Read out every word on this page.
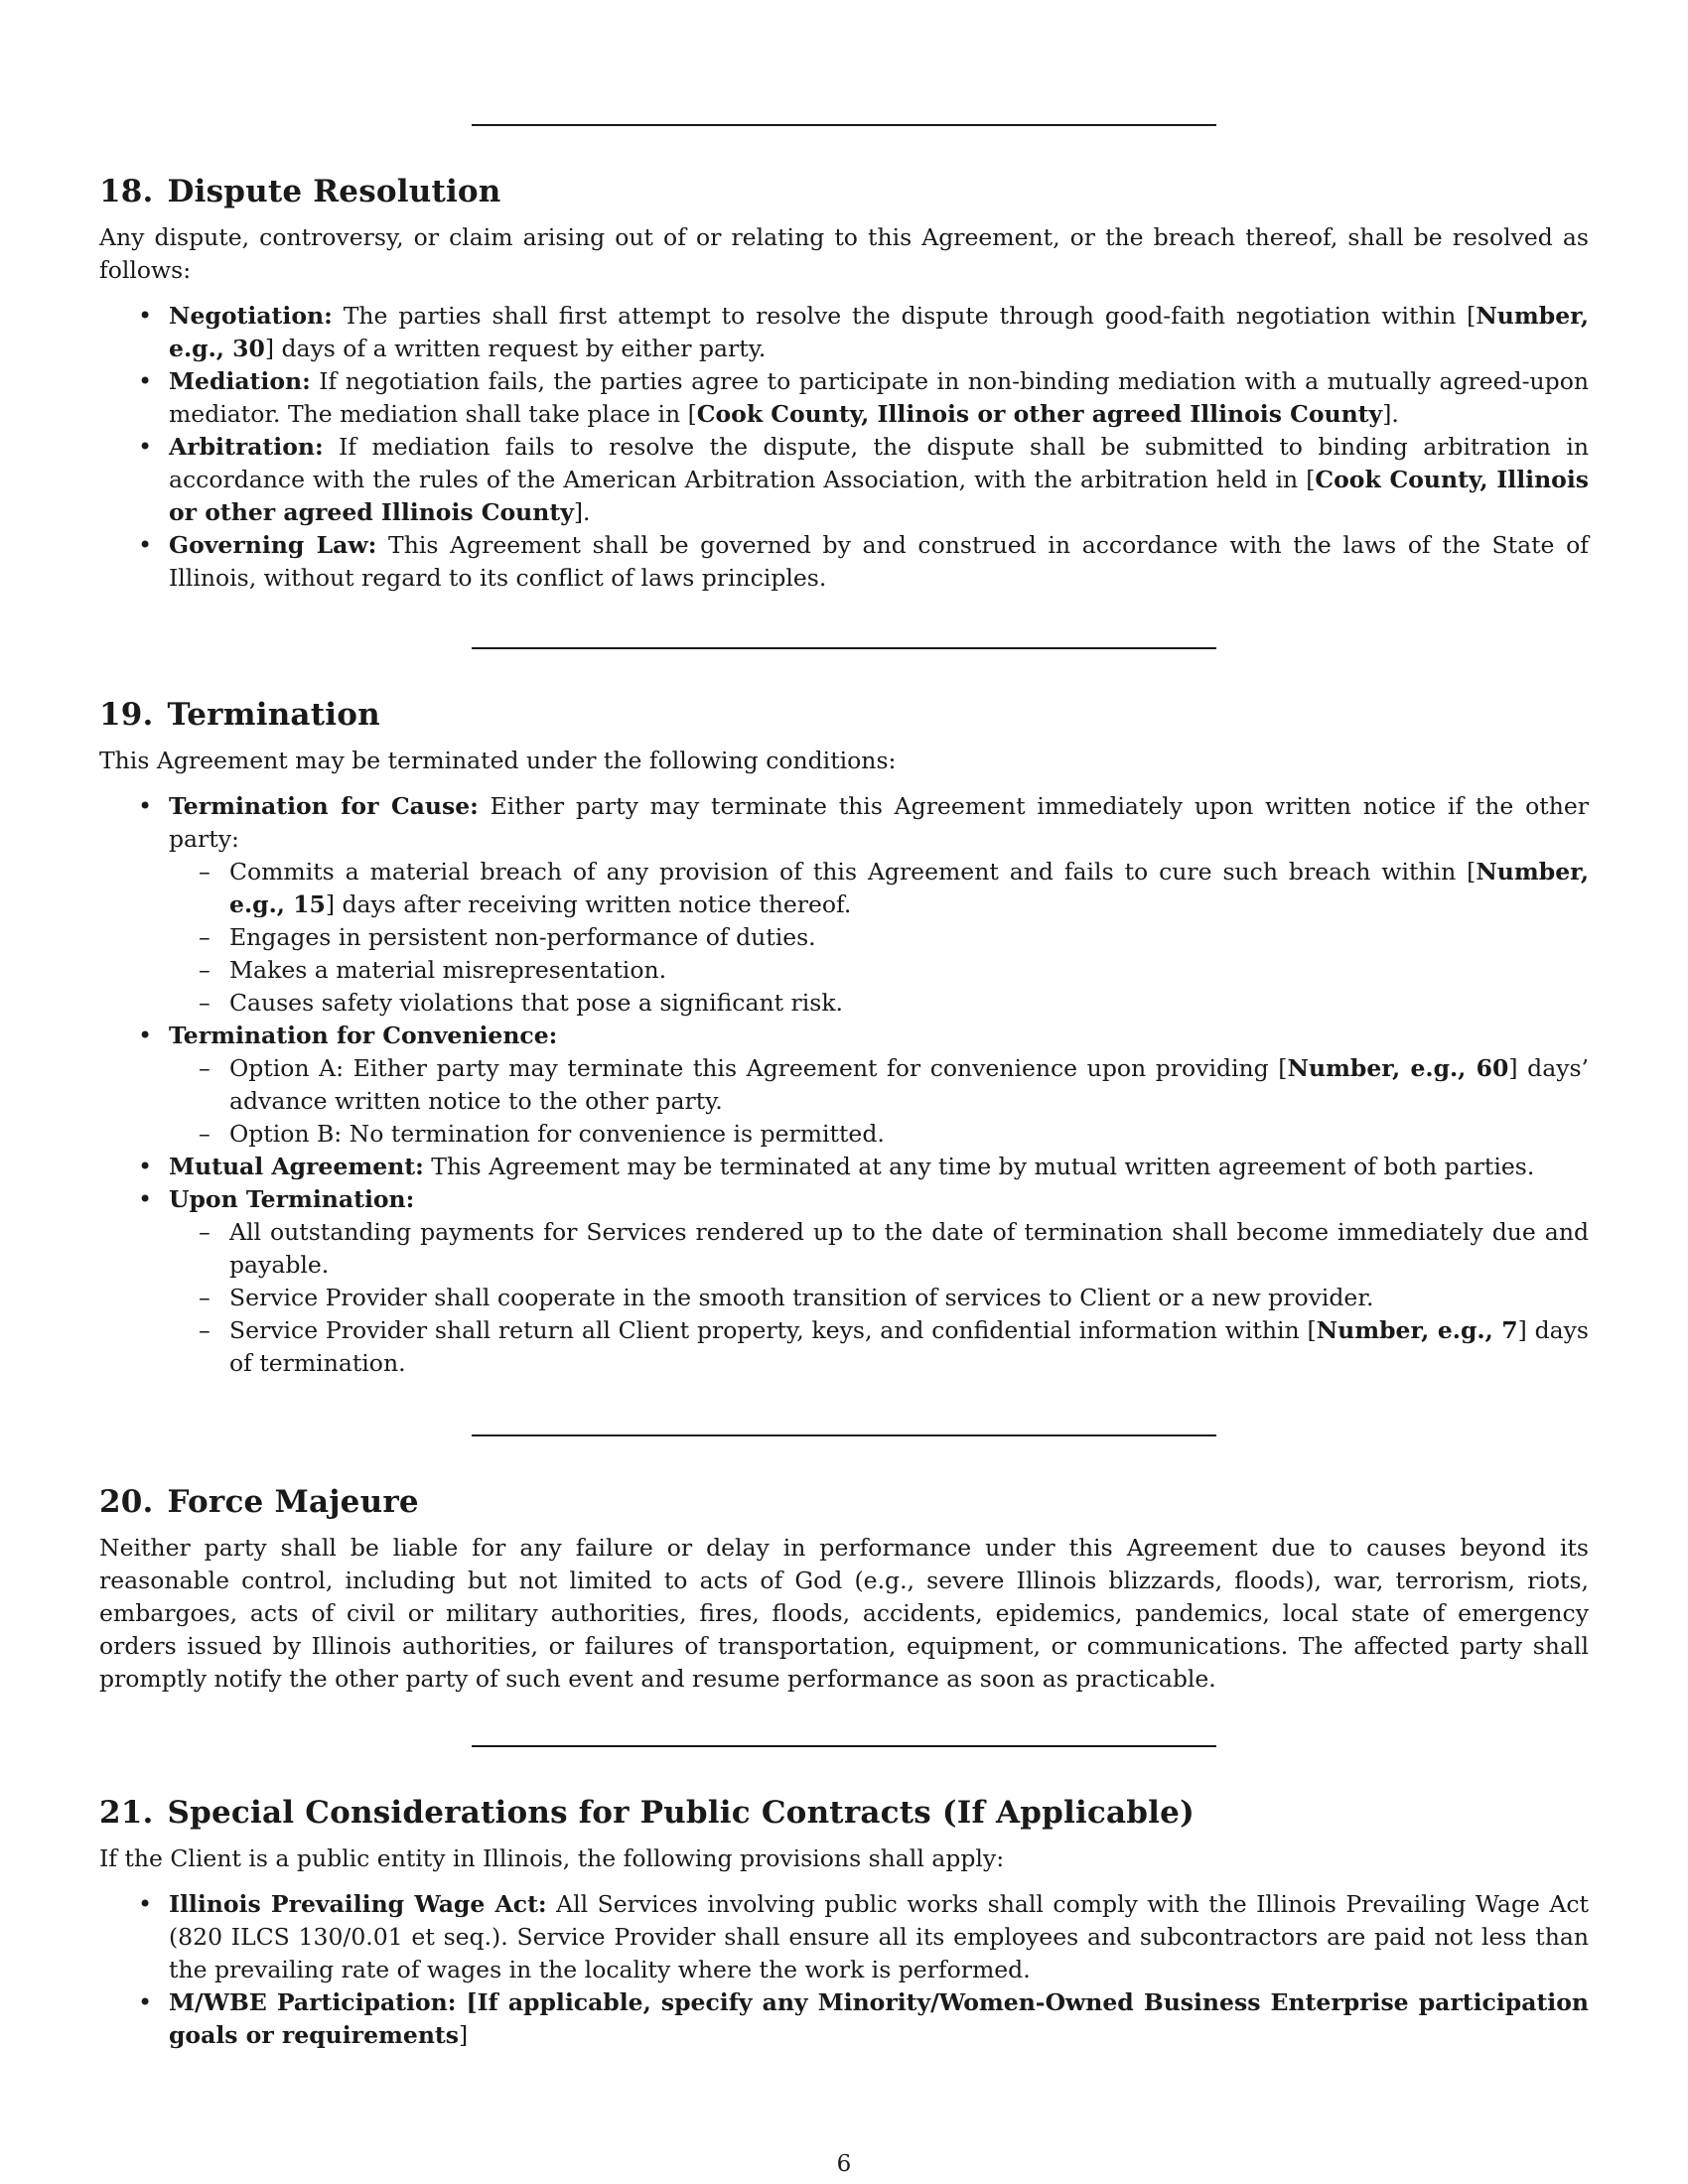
18. Dispute Resolution

Any dispute, controversy, or claim arising out of or relating to this Agreement, or the breach thereof, shall be resolved as follows:

• Negotiation: The parties shall first attempt to resolve the dispute through good-faith negotiation within [Number, e.g., 30] days of a written request by either party.
• Mediation: If negotiation fails, the parties agree to participate in non-binding mediation with a mutually agreed-upon mediator. The mediation shall take place in [Cook County, Illinois or other agreed Illinois County].
• Arbitration: If mediation fails to resolve the dispute, the dispute shall be submitted to binding arbitration in accordance with the rules of the American Arbitration Association, with the arbitration held in [Cook County, Illinois or other agreed Illinois County].
• Governing Law: This Agreement shall be governed by and construed in accordance with the laws of the State of Illinois, without regard to its conflict of laws principles.
19. Termination

This Agreement may be terminated under the following conditions:

• Termination for Cause: Either party may terminate this Agreement immediately upon written notice if the other party:
– Commits a material breach of any provision of this Agreement and fails to cure such breach within [Number, e.g., 15] days after receiving written notice thereof.
– Engages in persistent non-performance of duties.
– Makes a material misrepresentation.
– Causes safety violations that pose a significant risk.
• Termination for Convenience:
– Option A: Either party may terminate this Agreement for convenience upon providing [Number, e.g., 60] days’ advance written notice to the other party.
– Option B: No termination for convenience is permitted.
• Mutual Agreement: This Agreement may be terminated at any time by mutual written agreement of both parties.
• Upon Termination:
– All outstanding payments for Services rendered up to the date of termination shall become immediately due and payable.
– Service Provider shall cooperate in the smooth transition of services to Client or a new provider.
– Service Provider shall return all Client property, keys, and confidential information within [Number, e.g., 7] days of termination.
20. Force Majeure

Neither party shall be liable for any failure or delay in performance under this Agreement due to causes beyond its reasonable control, including but not limited to acts of God (e.g., severe Illinois blizzards, floods), war, terrorism, riots, embargoes, acts of civil or military authorities, fires, floods, accidents, epidemics, pandemics, local state of emergency orders issued by Illinois authorities, or failures of transportation, equipment, or communications. The affected party shall promptly notify the other party of such event and resume performance as soon as practicable.

21. Special Considerations for Public Contracts (If Applicable)

If the Client is a public entity in Illinois, the following provisions shall apply:

• Illinois Prevailing Wage Act: All Services involving public works shall comply with the Illinois Prevailing Wage Act (820 ILCS 130/0.01 et seq.). Service Provider shall ensure all its employees and subcontractors are paid not less than the prevailing rate of wages in the locality where the work is performed.
• M/WBE Participation: [If applicable, specify any Minority/Women-Owned Business Enterprise participation goals or requirements]
6
